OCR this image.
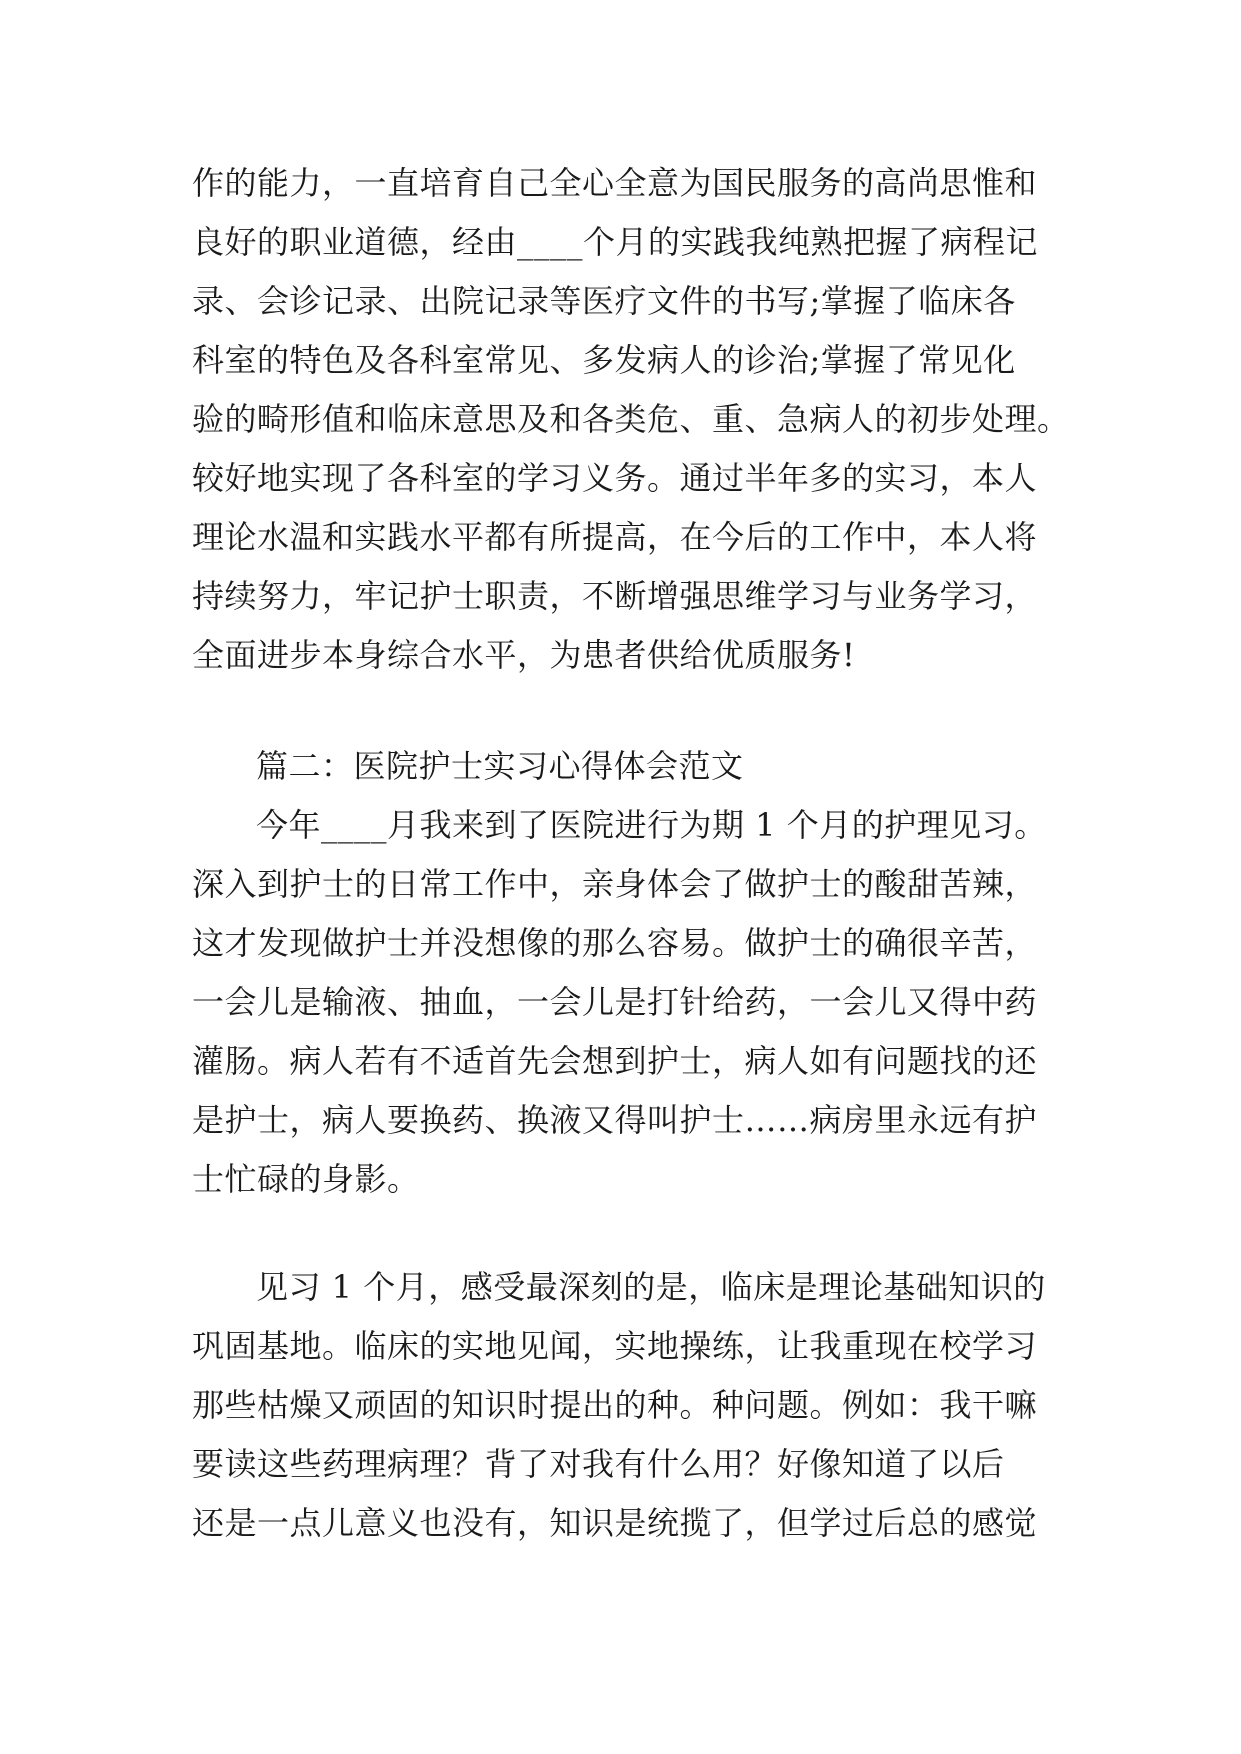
作的能力，一直培育自己全心全意为国民服务的高尚思惟和
良好的职业道德，经由____个月的实践我纯熟把握了病程记
录、会诊记录、出院记录等医疗文件的书写;掌握了临床各
科室的特色及各科室常见、多发病人的诊治;掌握了常见化
验的畸形值和临床意思及和各类危、重、急病人的初步处理。
较好地实现了各科室的学习义务。通过半年多的实习，本人
理论水温和实践水平都有所提高，在今后的工作中，本人将
持续努力，牢记护士职责，不断增强思维学习与业务学习，
全面进步本身综合水平，为患者供给优质服务!
篇二：医院护士实习心得体会范文
今年____月我来到了医院进行为期 1 个月的护理见习。
深入到护士的日常工作中，亲身体会了做护士的酸甜苦辣，
这才发现做护士并没想像的那么容易。做护士的确很辛苦，
一会儿是输液、抽血，一会儿是打针给药，一会儿又得中药
灌肠。病人若有不适首先会想到护士，病人如有问题找的还
是护士，病人要换药、换液又得叫护士……病房里永远有护
士忙碌的身影。
见习 1 个月，感受最深刻的是，临床是理论基础知识的
巩固基地。临床的实地见闻，实地操练，让我重现在校学习
那些枯燥又顽固的知识时提出的种。种问题。例如：我干嘛
要读这些药理病理？背了对我有什么用？好像知道了以后
还是一点儿意义也没有，知识是统揽了，但学过后总的感觉
